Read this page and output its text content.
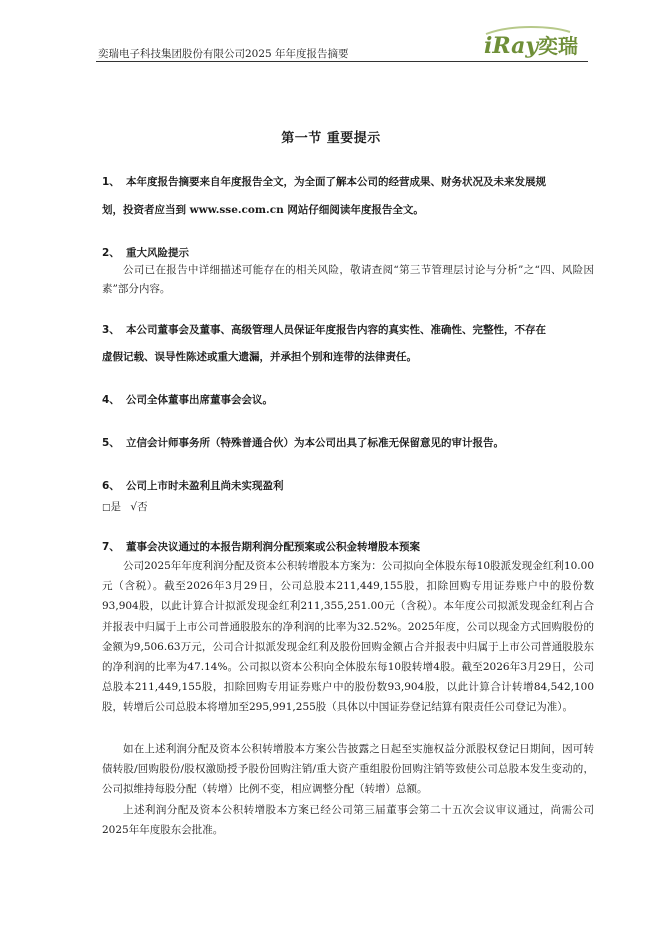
奕瑞电子科技集团股份有限公司2025 年年度报告摘要	iRay 奕瑞
第一节 重要提示
1、 本年度报告摘要来自年度报告全文，为全面了解本公司的经营成果、财务状况及未来发展规
划，投资者应当到 www.sse.com.cn 网站仔细阅读年度报告全文。
2、 重大风险提示
公司已在报告中详细描述可能存在的相关风险，敬请查阅“第三节管理层讨论与分析”之“四、风险因素”部分内容。
3、 本公司董事会及董事、高级管理人员保证年度报告内容的真实性、准确性、完整性，不存在
虚假记载、误导性陈述或重大遗漏，并承担个别和连带的法律责任。
4、 公司全体董事出席董事会会议。
5、 立信会计师事务所（特殊普通合伙）为本公司出具了标准无保留意见的审计报告。
6、 公司上市时未盈利且尚未实现盈利
□是 √否
7、 董事会决议通过的本报告期利润分配预案或公积金转增股本预案
公司2025年年度利润分配及资本公积转增股本方案为：公司拟向全体股东每10股派发现金红利10.00元（含税）。截至2026年3月29日，公司总股本211,449,155股，扣除回购专用证券账户中的股份数93,904股，以此计算合计拟派发现金红利211,355,251.00元（含税）。本年度公司拟派发现金红利占合并报表中归属于上市公司普通股股东的净利润的比率为32.52%。2025年度，公司以现金方式回购股份的金额为9,506.63万元，公司合计拟派发现金红利及股份回购金额占合并报表中归属于上市公司普通股股东的净利润的比率为47.14%。公司拟以资本公积向全体股东每10股转增4股。截至2026年3月29日，公司总股本211,449,155股，扣除回购专用证券账户中的股份数93,904股，以此计算合计转增84,542,100股，转增后公司总股本将增加至295,991,255股（具体以中国证券登记结算有限责任公司登记为准）。
如在上述利润分配及资本公积转增股本方案公告披露之日起至实施权益分派股权登记日期间，因可转债转股/回购股份/股权激励授予股份回购注销/重大资产重组股份回购注销等致使公司总股本发生变动的，公司拟维持每股分配（转增）比例不变，相应调整分配（转增）总额。
上述利润分配及资本公积转增股本方案已经公司第三届董事会第二十五次会议审议通过，尚需公司2025年年度股东会批准。
